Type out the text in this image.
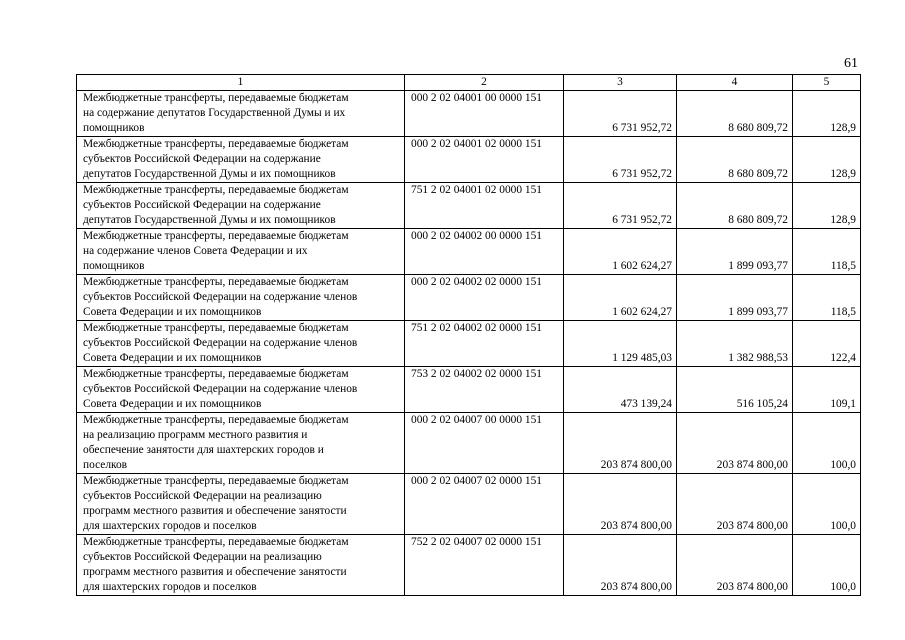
61
1	2	3	4	5

Межбюджетные трансферты, передаваемые бюджетам
на содержание депутатов Государственной Думы и их
помощников	000 2 02 04001 00 0000 151	6 731 952,72	8 680 809,72	128,9

Межбюджетные трансферты, передаваемые бюджетам
субъектов Российской Федерации на содержание
депутатов Государственной Думы и их помощников	000 2 02 04001 02 0000 151	6 731 952,72	8 680 809,72	128,9

Межбюджетные трансферты, передаваемые бюджетам
субъектов Российской Федерации на содержание
депутатов Государственной Думы и их помощников	751 2 02 04001 02 0000 151	6 731 952,72	8 680 809,72	128,9

Межбюджетные трансферты, передаваемые бюджетам
на содержание членов Совета Федерации и их
помощников	000 2 02 04002 00 0000 151	1 602 624,27	1 899 093,77	118,5

Межбюджетные трансферты, передаваемые бюджетам
субъектов Российской Федерации на содержание членов
Совета Федерации и их помощников	000 2 02 04002 02 0000 151	1 602 624,27	1 899 093,77	118,5

Межбюджетные трансферты, передаваемые бюджетам
субъектов Российской Федерации на содержание членов
Совета Федерации и их помощников	751 2 02 04002 02 0000 151	1 129 485,03	1 382 988,53	122,4

Межбюджетные трансферты, передаваемые бюджетам
субъектов Российской Федерации на содержание членов
Совета Федерации и их помощников	753 2 02 04002 02 0000 151	473 139,24	516 105,24	109,1

Межбюджетные трансферты, передаваемые бюджетам
на реализацию программ местного развития и
обеспечение занятости для шахтерских городов и
поселков	000 2 02 04007 00 0000 151	203 874 800,00	203 874 800,00	100,0

Межбюджетные трансферты, передаваемые бюджетам
субъектов Российской Федерации на реализацию
программ местного развития и обеспечение занятости
для шахтерских городов и поселков	000 2 02 04007 02 0000 151	203 874 800,00	203 874 800,00	100,0

Межбюджетные трансферты, передаваемые бюджетам
субъектов Российской Федерации на реализацию
программ местного развития и обеспечение занятости
для шахтерских городов и поселков	752 2 02 04007 02 0000 151	203 874 800,00	203 874 800,00	100,0
